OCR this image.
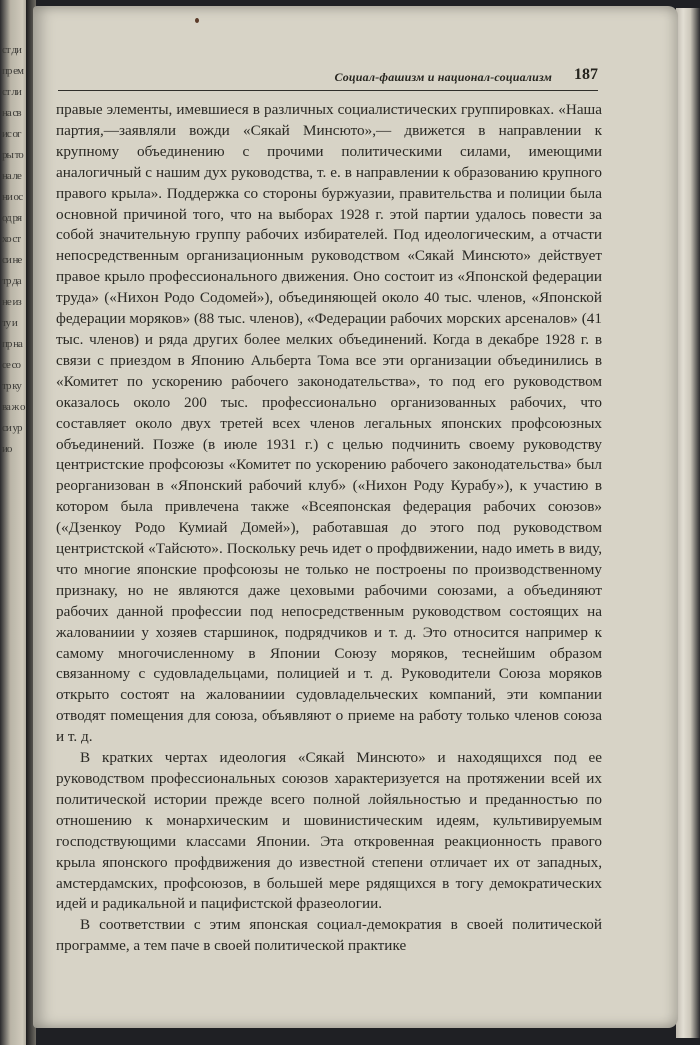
ст ди пр ем ст ли на св ис ог ры то на ле ни ос од ря хо ст си не тр да не из ту и пр на се со тр ку ва ж о си ур ио
Социал-фашизм и национал-социализм 187

правые элементы, имевшиеся в различных социалистических группировках. «Наша партия,—заявляли вожди «Сякай Минсюто»,— движется в направлении к крупному объединению с прочими политическими силами, имеющими аналогичный с нашим дух руководства, т. е. в направлении к образованию крупного правого крыла». Поддержка со стороны буржуазии, правительства и полиции была основной причиной того, что на выборах 1928 г. этой партии удалось повести за собой значительную группу рабочих избирателей. Под идеологическим, а отчасти непосредственным организационным руководством «Сякай Минсюто» действует правое крыло профессионального движения. Оно состоит из «Японской федерации труда» («Нихон Родо Содомей»), объединяющей около 40 тыс. членов, «Японской федерации моряков» (88 тыс. членов), «Федерации рабочих морских арсеналов» (41 тыс. членов) и ряда других более мелких объединений. Когда в декабре 1928 г. в связи с приездом в Японию Альберта Тома все эти организации объединились в «Комитет по ускорению рабочего законодательства», то под его руководством оказалось около 200 тыс. профессионально организованных рабочих, что составляет около двух третей всех членов легальных японских профсоюзных объединений. Позже (в июле 1931 г.) с целью подчинить своему руководству центристские профсоюзы «Комитет по ускорению рабочего законодательства» был реорганизован в «Японский рабочий клуб» («Нихон Роду Курабу»), к участию в котором была привлечена также «Всеяпонская федерация рабочих союзов» («Дзенкоу Родо Кумиай Домей»), работавшая до этого под руководством центристской «Тайсюто». Поскольку речь идет о профдвижении, надо иметь в виду, что многие японские профсоюзы не только не построены по производственному признаку, но не являются даже цеховыми рабочими союзами, а объединяют рабочих данной профессии под непосредственным руководством состоящих на жалованиии у хозяев старшинок, подрядчиков и т. д. Это относится например к самому многочисленному в Японии Союзу моряков, теснейшим образом связанному с судовладельцами, полицией и т. д. Руководители Союза моряков открыто состоят на жалованиии судовладельческих компаний, эти компании отводят помещения для союза, объявляют о приеме на работу только членов союза и т. д.

В кратких чертах идеология «Сякай Минсюто» и находящихся под ее руководством профессиональных союзов характеризуется на протяжении всей их политической истории прежде всего полной лойяльностью и преданностью по отношению к монархическим и шовинистическим идеям, культивируемым господствующими классами Японии. Эта откровенная реакционность правого крыла японского профдвижения до известной степени отличает их от западных, амстердамских, профсоюзов, в большей мере рядящихся в тогу демократических идей и радикальной и пацифистской фразеологии.

В соответствии с этим японская социал-демократия в своей политической программе, а тем паче в своей политической практике
